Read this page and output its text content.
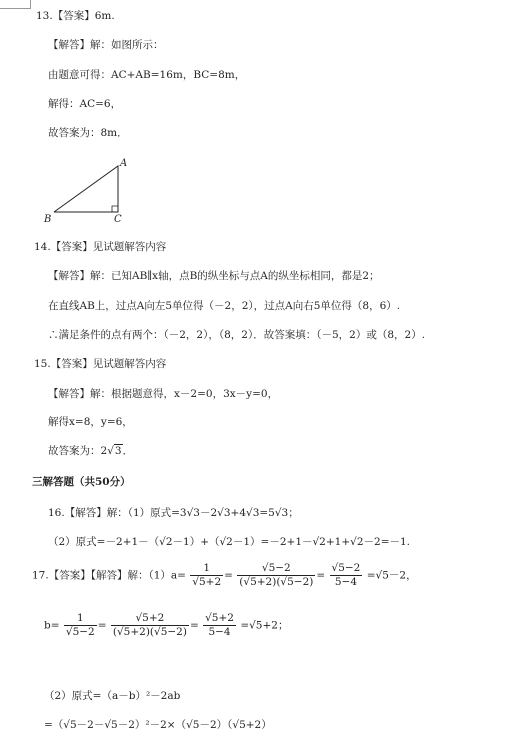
13.【答案】6m.
【解答】解：如图所示：
由题意可得：AC+AB=16m，BC=8m，
解得：AC=6，
故答案为：8m．
A
B	C
14.【答案】见试题解答内容
【解答】解：已知AB∥x轴，点B的纵坐标与点A的纵坐标相同，都是2；
在直线AB上，过点A向左5单位得（－2，2），过点A向右5单位得（8，6）.
∴满足条件的点有两个：（－2，2），（8，2）．故答案填：（－5，2）或（8，2）.
15.【答案】见试题解答内容
【解答】解：根据题意得，x－2=0，3x－y=0，
解得x=8，y=6，
故答案为：2√3．
三解答题（共50分）
16.【解答】解：（1）原式=3√3－2√3+4√3=5√3；
（2）原式=－2+1－（√2－1）+（√2－1）=－2+1－√2+1+√2－2=－1.
17.【答案】【解答】解：$(1)a= \frac{1}{√5+2} = \frac{√5-2}{(√5+2)(√5-2)} = \frac{√5-2}{5-4} =√5-2$，
$b= \frac{1}{√5-2} = \frac{√5+2}{(√5+2)(√5-2)} = \frac{√5+2}{5-4} =√5+2$；
（2）原式=（a－b）²－2ab
=（√5－2－√5－2）²－2×（√5－2）（√5+2）
